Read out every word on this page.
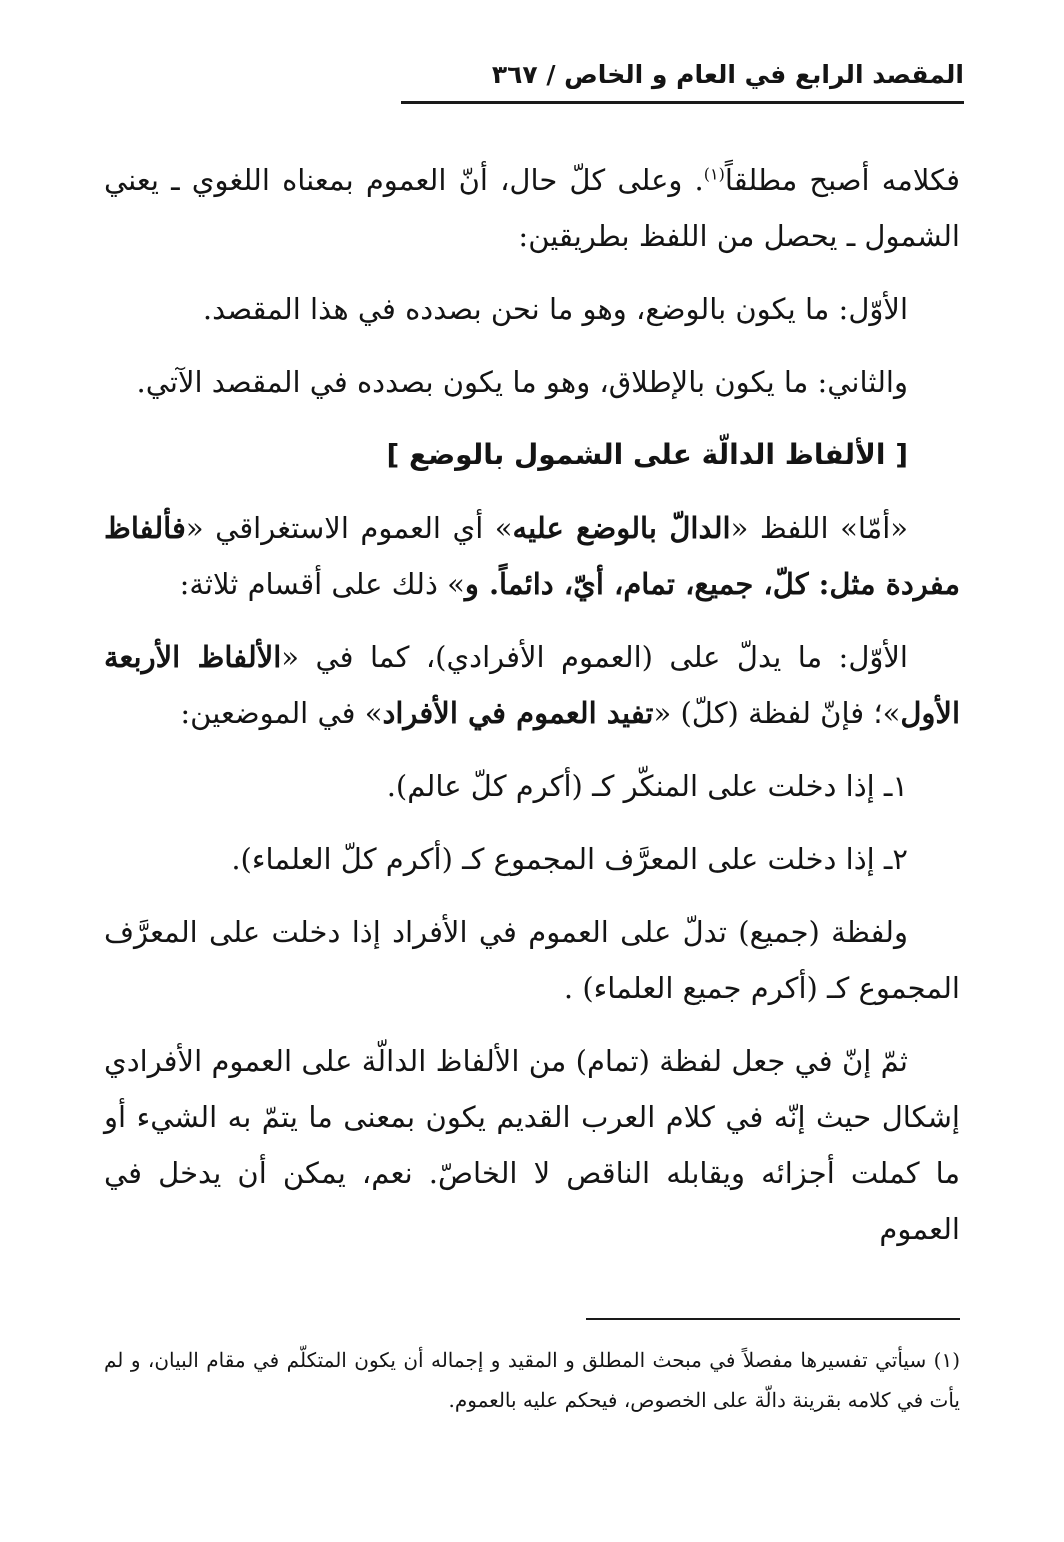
المقصد الرابع في العام و الخاص / ٣٦٧

فكلامه أصبح مطلقاً$^{(١)}$. وعلى كلّ حال، أنّ العموم بمعناه اللغوي ـ يعني الشمول ـ يحصل من اللفظ بطريقين:

الأوّل: ما يكون بالوضع، وهو ما نحن بصدده في هذا المقصد.

والثاني: ما يكون بالإطلاق، وهو ما يكون بصدده في المقصد الآتي.

[ الألفاظ الدالّة على الشمول بالوضع ]

«أمّا» اللفظ «الدالّ بالوضع عليه» أي العموم الاستغراقي «فألفاظ مفردة مثل: كلّ، جميع، تمام، أيّ، دائماً. و» ذلك على أقسام ثلاثة:

الأوّل: ما يدلّ على (العموم الأفرادي)، كما في «الألفاظ الأربعة الأول»؛ فإنّ لفظة (كلّ) «تفيد العموم في الأفراد» في الموضعين:

١ـ إذا دخلت على المنكّر كـ (أكرم كلّ عالم).

٢ـ إذا دخلت على المعرَّف المجموع كـ (أكرم كلّ العلماء).

ولفظة (جميع) تدلّ على العموم في الأفراد إذا دخلت على المعرَّف المجموع كـ (أكرم جميع العلماء) .

ثمّ إنّ في جعل لفظة (تمام) من الألفاظ الدالّة على العموم الأفرادي إشكال حيث إنّه في كلام العرب القديم يكون بمعنى ما يتمّ به الشيء أو ما كملت أجزائه ويقابله الناقص لا الخاصّ. نعم، يمكن أن يدخل في العموم

(١) سيأتي تفسيرها مفصلاً في مبحث المطلق و المقيد و إجماله أن يكون المتكلّم في مقام البيان، و لم يأت في كلامه بقرينة دالّة على الخصوص، فيحكم عليه بالعموم.
